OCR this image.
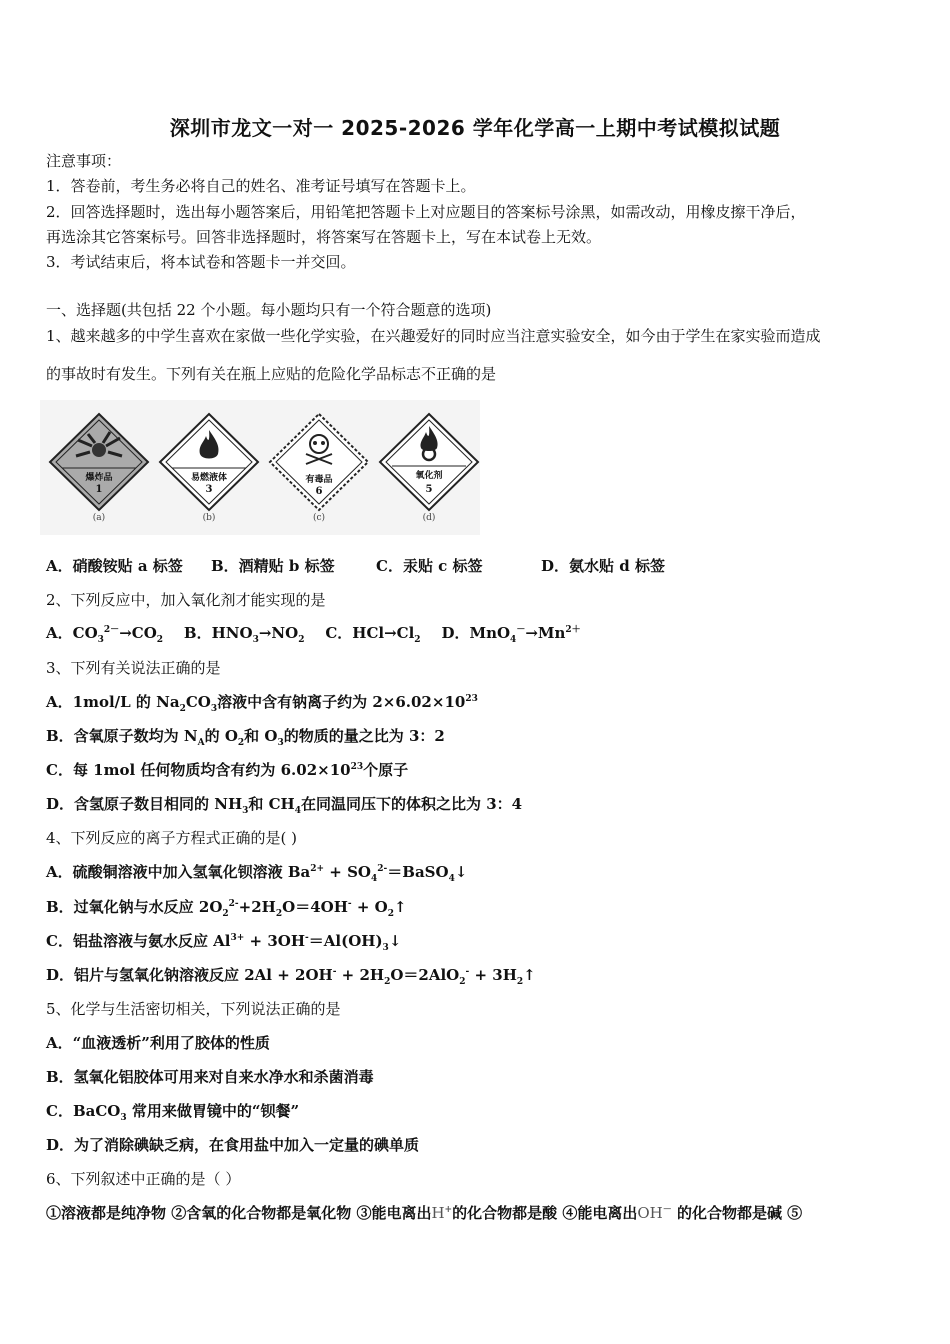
深圳市龙文一对一 2025-2026 学年化学高一上期中考试模拟试题
注意事项：
1．答卷前，考生务必将自己的姓名、准考证号填写在答题卡上。
2．回答选择题时，选出每小题答案后，用铅笔把答题卡上对应题目的答案标号涂黑，如需改动，用橡皮擦干净后，
再选涂其它答案标号。回答非选择题时，将答案写在答题卡上，写在本试卷上无效。
3．考试结束后，将本试卷和答题卡一并交回。
一、选择题(共包括 22 个小题。每小题均只有一个符合题意的选项)
1、越来越多的中学生喜欢在家做一些化学实验，在兴趣爱好的同时应当注意实验安全，如今由于学生在家实验而造成
的事故时有发生。下列有关在瓶上应贴的危险化学品标志不正确的是
爆炸品
1
(a)
易燃液体
3
(b)
有毒品
6
(c)
氧化剂
5
(d)
A．硝酸铵贴 a 标签 B．酒精贴 b 标签	C．汞贴 c 标签	D．氨水贴 d 标签
2、下列反应中，加入氧化剂才能实现的是
A．$CO_3^{2-}\to CO_2$ B．$HNO_3\to NO_2$ C．$HCl\to Cl_2$ D．$MnO_4^-\to Mn^{2+}$
3、下列有关说法正确的是
A．1mol/L 的 $Na_2CO_3$溶液中含有钠离子约为 $2\times 6.02\times 10^{23}$
B．含氧原子数均为 $N_A$的 $O_2$和 $O_3$的物质的量之比为 3：2
C．每 1mol 任何物质均含有约为 $6.02\times 10^{23}$个原子
D．含氢原子数目相同的 $NH_3$和 $CH_4$在同温同压下的体积之比为 3：4
4、下列反应的离子方程式正确的是( )
A．硫酸铜溶液中加入氢氧化钡溶液 $Ba^{2+}$ + $SO_4^{2-}=BaSO_4↓$
B．过氧化钠与水反应 $2O_2^{2-}+2H_2O=4OH^-$ + $O_2↑$
C．铝盐溶液与氨水反应 $Al^{3+}$ + $3OH^-=Al(OH)_3↓$
D．铝片与氢氧化钠溶液反应 $2Al + 2OH^- + 2H_2O=2AlO_2^-$ + $3H_2↑$
5、化学与生活密切相关，下列说法正确的是
A．“血液透析”利用了胶体的性质
B．氢氧化铝胶体可用来对自来水净水和杀菌消毒
C．BaCO$_3$ 常用来做胃镜中的“钡餐”
D．为了消除碘缺乏病，在食用盐中加入一定量的碘单质
6、下列叙述中正确的是（ ）
①溶液都是纯净物 ②含氧的化合物都是氧化物 ③能电离出H+的化合物都是酸 ④能电离出OH－ 的化合物都是碱 ⑤
